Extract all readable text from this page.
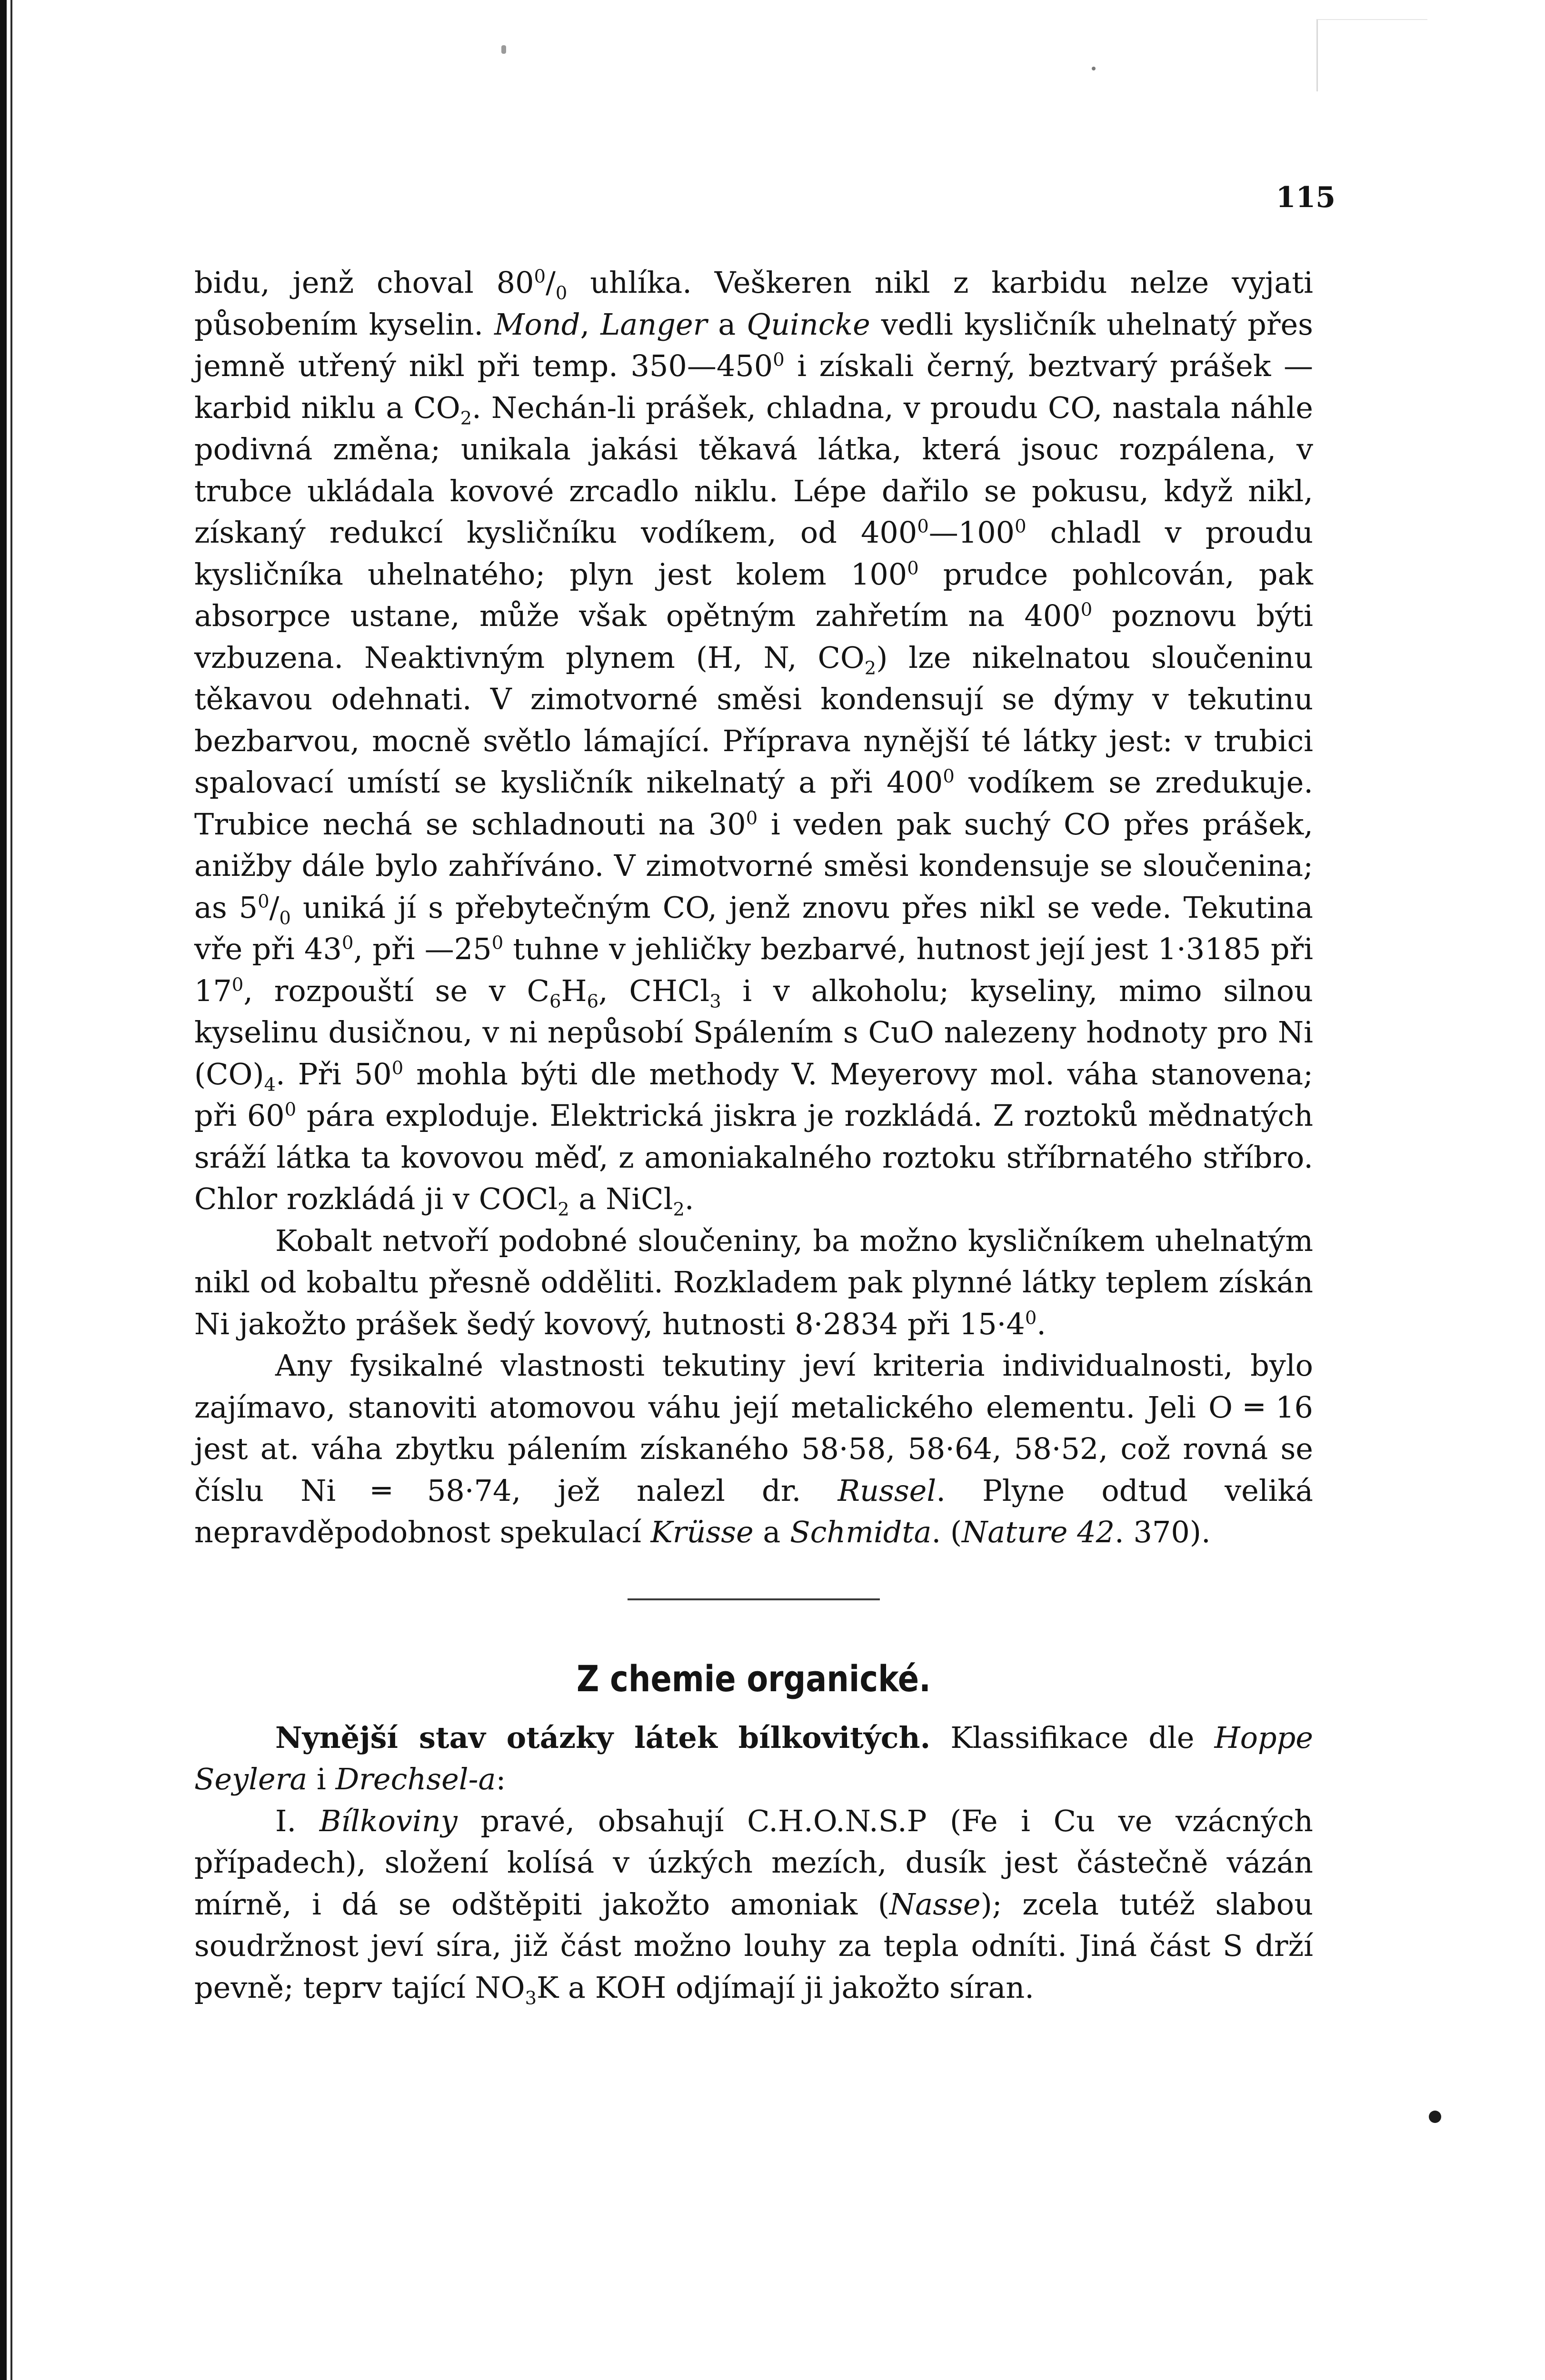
115

bidu, jenž choval $80^0/_0$ uhlíka. Veškeren nikl z karbidu nelze vyjati působením kyselin. Mond, Langer a Quincke vedli kysličník uhelnatý přes jemně utřený nikl při temp. $350—450^0$ i získali černý, beztvarý prášek — karbid niklu a $CO_2$. Nechán-li prášek, chladna, v proudu CO, nastala náhle podivná změna; unikala jakási těkavá látka, která jsouc rozpálena, v trubce ukládala kovové zrcadlo niklu. Lépe dařilo se pokusu, když nikl, získaný redukcí kysličníku vodíkem, od $400^0—100^0$ chladl v proudu kysličníka uhelnatého; plyn jest kolem $100^0$ prudce pohlcován, pak absorpce ustane, může však opětným zahřetím na $400^0$ poznovu býti vzbuzena. Neaktivným plynem (H, N, $CO_2$) lze nikelnatou sloučeninu těkavou odehnati. V zimotvorné směsi kondensují se dýmy v tekutinu bezbarvou, mocně světlo lámající. Příprava nynější té látky jest: v trubici spalovací umístí se kysličník nikelnatý a při $400^0$ vodíkem se zredukuje. Trubice nechá se schladnouti na $30^0$ i veden pak suchý CO přes prášek, anižby dále bylo zahříváno. V zimotvorné směsi kondensuje se sloučenina; as $5^0/_0$ uniká jí s přebytečným CO, jenž znovu přes nikl se vede. Tekutina vře při $43^0$, při $—25^0$ tuhne v jehličky bezbarvé, hutnost její jest 1·3185 při $17^0$, rozpouští se v $C_6H_6$, CHCl$_3$ i v alkoholu; kyseliny, mimo silnou kyselinu dusičnou, v ni nepůsobí Spálením s CuO nalezeny hodnoty pro Ni $(CO)_4$. Při $50^0$ mohla býti dle methody V. Meyerovy mol. váha stanovena; při $60^0$ pára exploduje. Elektrická jiskra je rozkládá. Z roztoků mědnatých sráží látka ta kovovou měď, z amoniakalného roztoku stříbrnatého stříbro. Chlor rozkládá ji v COCl$_2$ a NiCl$_2$.

Kobalt netvoří podobné sloučeniny, ba možno kysličníkem uhelnatým nikl od kobaltu přesně odděliti. Rozkladem pak plynné látky teplem získán Ni jakožto prášek šedý kovový, hutnosti 8·2834 při $15\cdot 4^0$.

Any fysikalné vlastnosti tekutiny jeví kriteria individualnosti, bylo zajímavo, stanoviti atomovou váhu její metalického elementu. Jeli O ═ 16 jest at. váha zbytku pálením získaného 58·58, 58·64, 58·52, což rovná se číslu Ni ═ 58·74, jež nalezl dr. Russel. Plyne odtud veliká nepravděpodobnost spekulací Krüsse a Schmidta. (Nature 42. 370).

Z chemie organické.

Nynější stav otázky látek bílkovitých. Klassifikace dle Hoppe Seylera i Drechsel-a:

I. Bílkoviny pravé, obsahují C.H.O.N.S.P (Fe i Cu ve vzácných případech), složení kolísá v úzkých mezích, dusík jest částečně vázán mírně, i dá se odštěpiti jakožto amoniak (Nasse); zcela tutéž slabou soudržnost jeví síra, již část možno louhy za tepla odníti. Jiná část S drží pevně; teprv tající $NO_3K$ a KOH odjímají ji jakožto síran.
